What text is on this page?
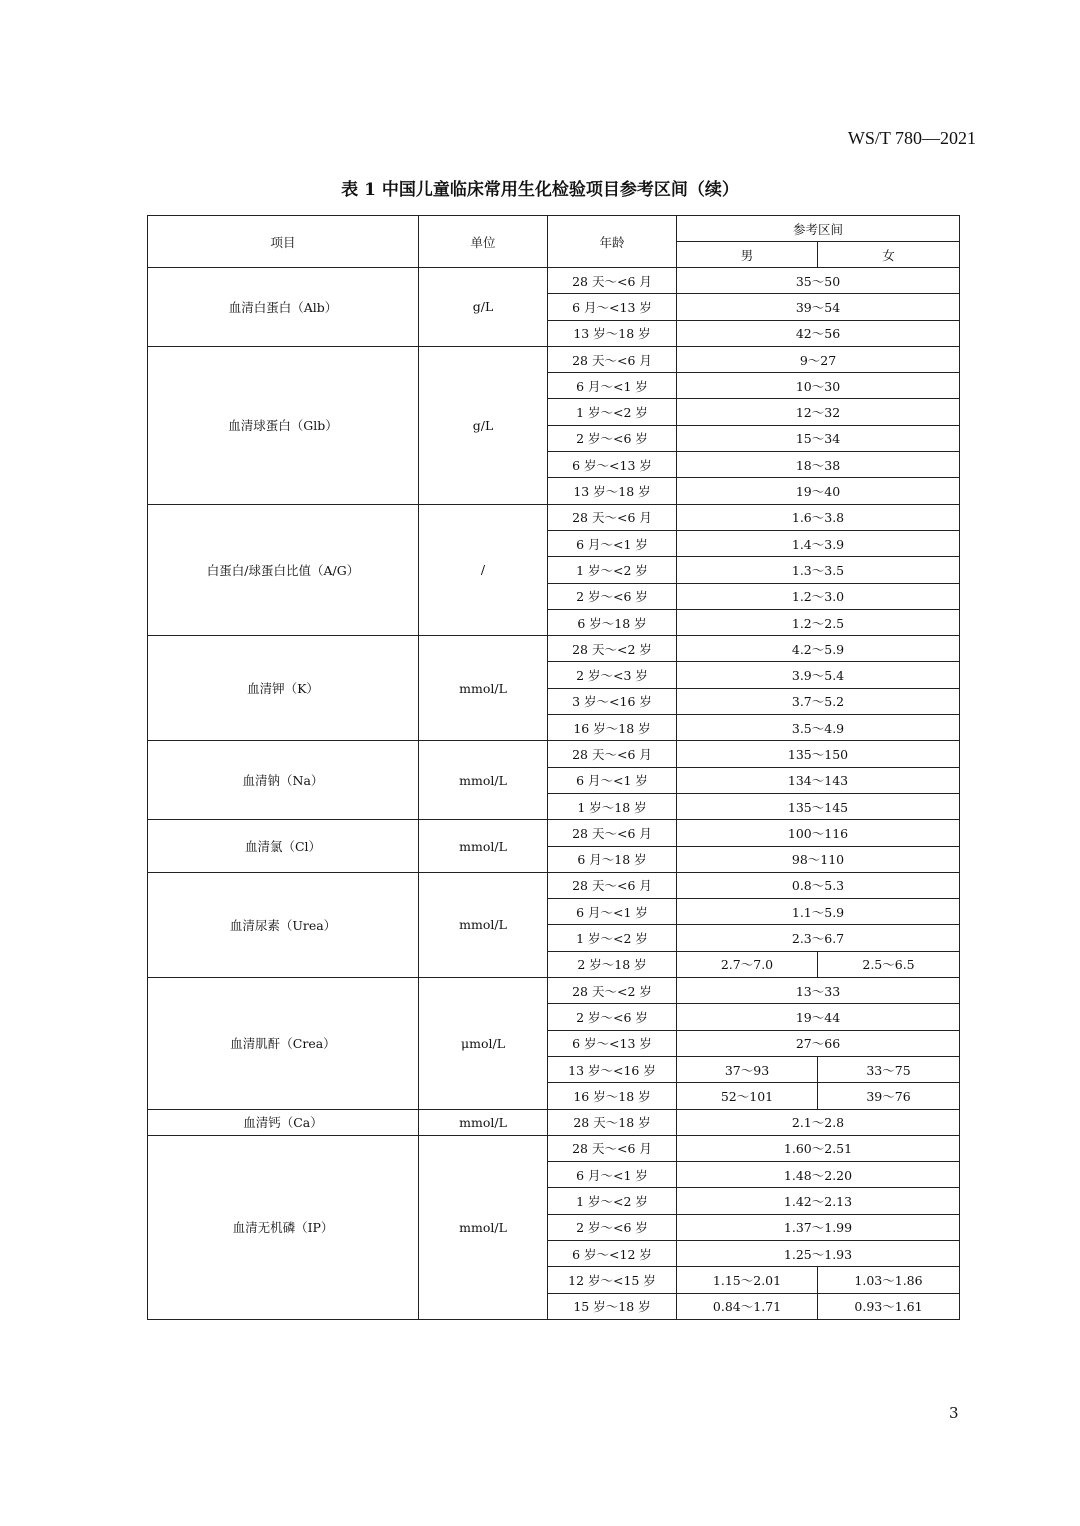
WS/T 780—2021
表 1 中国儿童临床常用生化检验项目参考区间（续）
项目	单位	年龄	参考区间	
			男	女
血清白蛋白（Alb）	g/L	28 天～<6 月	35～50	
		6 月～<13 岁	39～54	
		13 岁～18 岁	42～56	
血清球蛋白（Glb）	g/L	28 天～<6 月	9～27	
		6 月～<1 岁	10～30	
		1 岁～<2 岁	12～32	
		2 岁～<6 岁	15～34	
		6 岁～<13 岁	18～38	
		13 岁～18 岁	19～40	
白蛋白/球蛋白比值（A/G）	/	28 天～<6 月	1.6～3.8	
		6 月～<1 岁	1.4～3.9	
		1 岁～<2 岁	1.3～3.5	
		2 岁～<6 岁	1.2～3.0	
		6 岁～18 岁	1.2～2.5	
血清钾（K）	mmol/L	28 天～<2 岁	4.2～5.9	
		2 岁～<3 岁	3.9～5.4	
		3 岁～<16 岁	3.7～5.2	
		16 岁～18 岁	3.5～4.9	
血清钠（Na）	mmol/L	28 天～<6 月	135～150	
		6 月～<1 岁	134～143	
		1 岁～18 岁	135～145	
血清氯（Cl）	mmol/L	28 天～<6 月	100～116	
		6 月～18 岁	98～110	
血清尿素（Urea）	mmol/L	28 天～<6 月	0.8～5.3	
		6 月～<1 岁	1.1～5.9	
		1 岁～<2 岁	2.3～6.7	
		2 岁～18 岁	2.7～7.0	2.5～6.5
血清肌酐（Crea）	μmol/L	28 天～<2 岁	13～33	
		2 岁～<6 岁	19～44	
		6 岁～<13 岁	27～66	
		13 岁～<16 岁	37～93	33～75
		16 岁～18 岁	52～101	39～76
血清钙（Ca）	mmol/L	28 天～18 岁	2.1～2.8	
血清无机磷（IP）	mmol/L	28 天～<6 月	1.60～2.51	
		6 月～<1 岁	1.48～2.20	
		1 岁～<2 岁	1.42～2.13	
		2 岁～<6 岁	1.37～1.99	
		6 岁～<12 岁	1.25～1.93	
		12 岁～<15 岁	1.15～2.01	1.03～1.86
		15 岁～18 岁	0.84～1.71	0.93～1.61
3
